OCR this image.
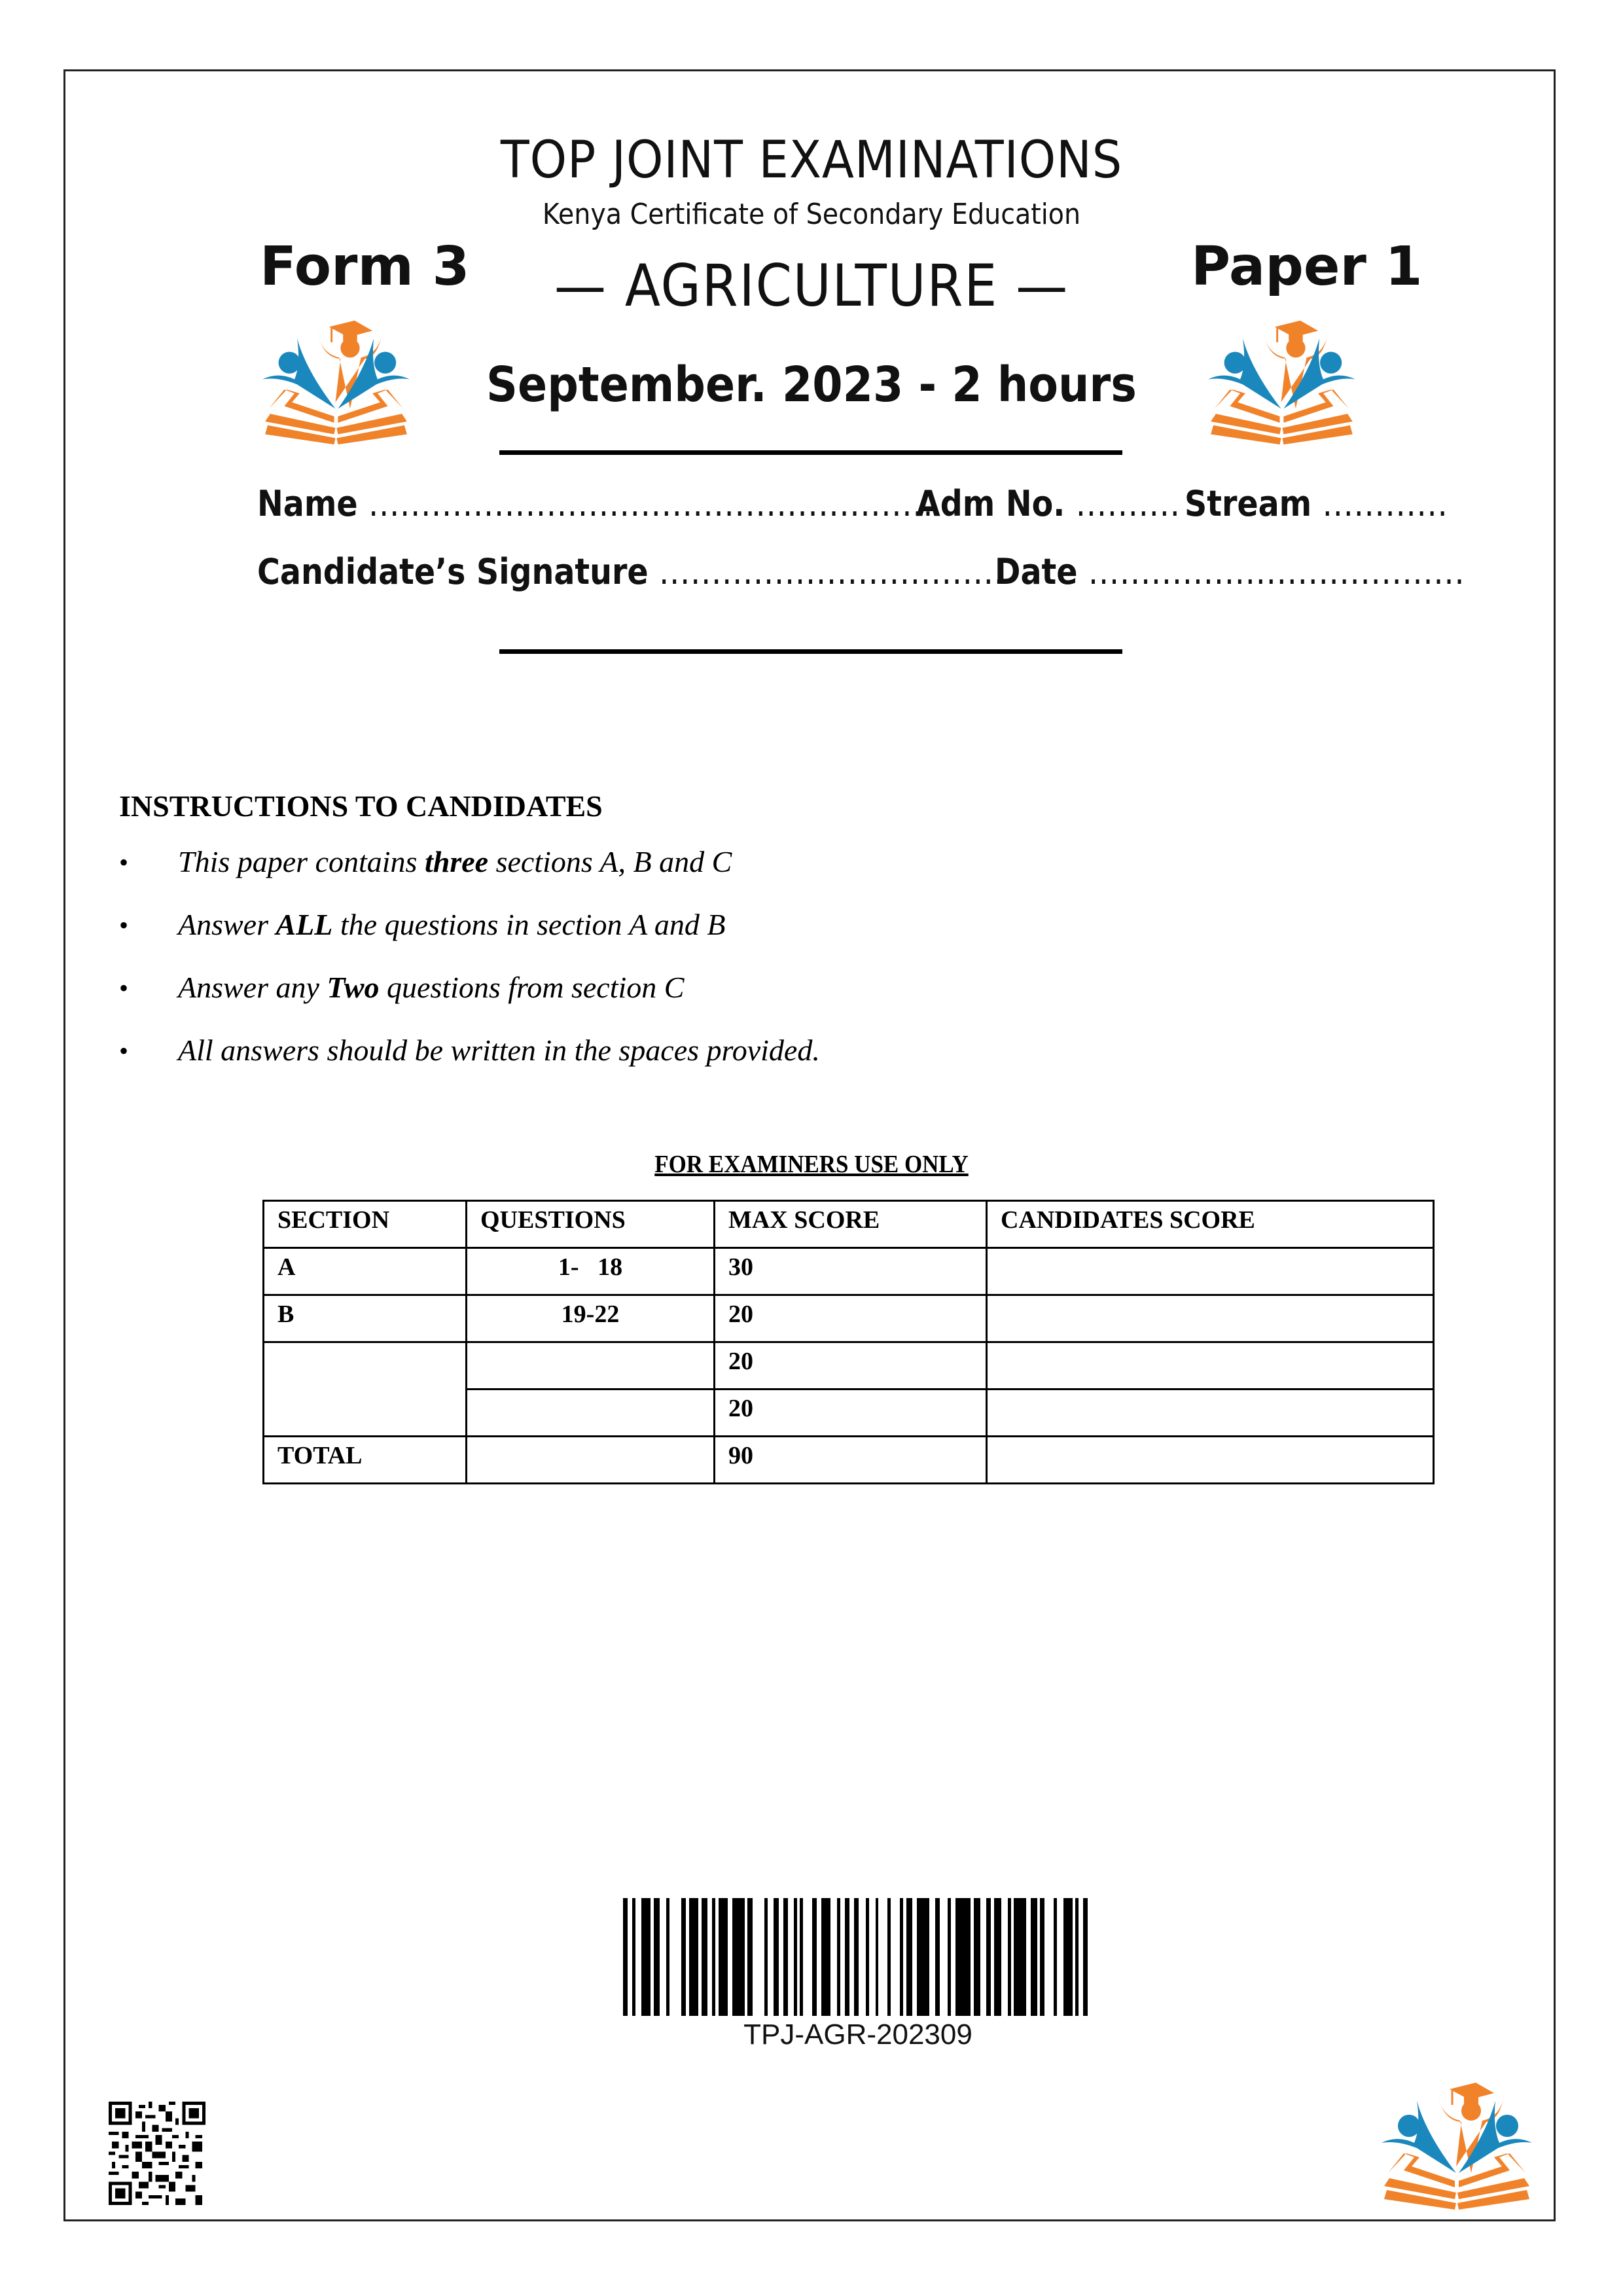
TOP JOINT EXAMINATIONS
Kenya Certificate of Secondary Education
Form 3	Paper 1
— AGRICULTURE —
September. 2023 - 2 hours
Name ......................................................
Adm No. .......... Stream ............
Candidate’s Signature .................................
Date ....................................
INSTRUCTIONS TO CANDIDATES
•	This paper contains three sections A, B and C
•	Answer ALL the questions in section A and B
•	Answer any Two questions from section C
•	All answers should be written in the spaces provided.
FOR EXAMINERS USE ONLY
SECTION	QUESTIONS	MAX SCORE	CANDIDATES SCORE
A	1-   18	30	
B	19-22	20	
		20	
		20	
TOTAL		90	
TPJ-AGR-202309
